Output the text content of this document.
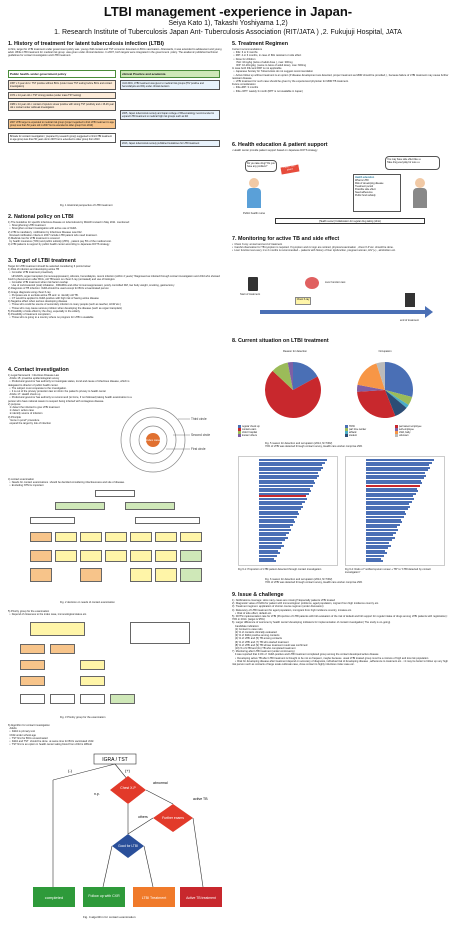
LTBI management -experience in Japan-
Seiya Kato 1), Takashi Yoshiyama 1,2)
1. Research Institute of Tuberculosis Japan Ant- Tuberculosis Association (RIT/JATA ) ,2. Fukujuji Hospital, JATA
1. History of treatment for latent tuberculosis infection (LTBI)
At first, target for LTBI treatment under government policy was  young child contact and TST converter detected on BCG vaccination. Afterwards, it was extended to adolescent and young adult. While LTBI treatment for medical risk group  was given under clinical decision. In 2007, both targets were integrated in the government  policy. The academic published technical guidelines for contact investigation and LTBI treatment.
Public health- under government policy
1957 ≤ 3 year old ≤: TST positive without BCG (under mass TST testing before BCG and contact investigation)
1974 ≤ 14 year old ≤: TST strong positive (under mass TST testing)
1989 ≤ 14 year old ≤: contact of sputum smear positive with strong TST positivity and ≤ 15-29 year old ≤ contact under outbreak investigation
2007 LTBI target is expanded to medical risk group (project regarded to limit LTBI treatment to age group less than 50 years old in 2007 but is extended to older group from 2010)
Bricade for contact investigation ( prepared by research group) suggested to limit LTBI treatment to age group less than 50 years old in 2007 but is extended to older group from 2010
clinical Practice and academia
Until 2001, LTBI treatment was given to medical risk groups (HIV positive and hemodialysis and RA) under clinical decision
2005, Japan tuberculosis society and Japan college of Rheumatology recommended to expand LTBI treatment to medical high risk groups such as RA
2013, Japan tuberculosis society published Guidelines for LTBI treatment
Fig. 1 Historical perspective of LTBI treatment
2. National policy on LTBI
1) The Guideline for specific infectious disease on tuberculosis by MHLW revised in May 2011  mentioned:
•  Strengthening LTBI treatment
•  Strengthen contact investigation with active use of IGRA
2) LTBI is mandatory  notification by Infectious Disease Law #12.
Revised notification criteria in 2007 include LTBI patient who need treatment.
3) Medical cost for LTBI treatment is covered
by health insurance (70%) and public subsidy (25%) , patient pay 5% of the medical cost.
4) LTBI patients is support by public health center according to Japanese DOTS strategy
3. Target of LTBI treatment
Target for LTBI treatment should be selected considering 6 points below:
1) Risk of infection and developing active TB
•  Consider LTBI treatment proactively
HIV/AIDS, organ transplant (immunosuppressant), silicosis, hemodialysis, recent infection (within 2 years) *diagnosed as infected through contact investigation and child who showed Koch's phenomenon after BCG, old TB lesion on chest X-ray (untreated) and use of biologics
•  Consider LTBI treatment when risk factor overlap
Use of corticosteroid (oral) inhalation , DMARDs and other immunosuppressant, poorly controlled DM, low body weight, smoking, gastrectomy
2) Diagnosis of TB infection: IGRA should be used except for BCG unvaccinated person
3) Image diagnosis using chest X-ray
•  Purposes are to exclude active TB and  to  identify old TB.
•  CT would be applied to IGRA positive with high risk of having active disease
4) Negative effect when serious developing disease
•  Those who could be source of secondary infection to many people (such as teacher, HCW etc.)
•  Those who may cause serious problem when developing the disease (such as organ transplant)
5) Possibility of side effect by the drug, especially in the elderly
6) Possibility of treatment completion
•  Those who is going to a country where no program for LTBI is available
4. Contact investigation
1) Legal framework : Infectious Disease Law
Article 15: proactive epidemiological survey
•  Prefectural governor has authority to investigate status, trend and cause of infectious disease, which is delegated to director of public health center.
•  The subject must cooperate to the investigation.
•  It is out of the privacy protection law to inform the patient's privacy to health center
Article 17: Health check up
•  Prefectural governor has authority to recommend (to force, if not followed) taking health examination to a person who have rational reason to suspect being infected with contagious disease.
2) purpose
① detect the infected to give LTBI treatment
② detect  active case
③ identify source of infection
3) Principle
"stone in pond" procedure
expand the target by risk of infection
Index case
Third circle
Second circle
First circle
4) contact examination
•  Needs for contact examinations  should be decided considering infectiousness and site of disease.
•  Excluding NTM is important
Fig. 2 decision on needs of contact examination
5) Priority group for the examination
•  Depend of closeness to the index case, immunological status etc.
Fig. 3 Priority group for the examination
6) Algorithm for contact investigation
Adults
•  IGRA is primary tool
Child under school age
•  TST first for BCG unvaccinated
•  IGRA and TST  should be done  at same time for BCG vaccinated child
•  TST first is an option in health center taking blood from child is difficult
IGRA / TST
(-)	(+)
Chest X-P
n.p.
abnormal
Further exams
others
active TB
Good for LTBI
completed	Follow up with CXR	LTBI Treatment	Active TB treatment
Fig. 4 algorithm for contact examination
5. Treatment Regimen
Current recommendations
•  INH: 6 or 9 months
•  RIP: 4 or 6 months, in case of INH resistant or side effect
•  Dose for children
INH: 10mg/kg (twice of adult dose ), max: 300mg
RIP: 10-20mg/kg  (same to twice of adult dose), max: 600mg
In case both INH and RFP is not applicable
•  Japanese Society for Tuberculosis do not suggest recommendation
•  Active follow up without treatment is an option (If disease development are detected, proper treatment as MDR should be provided.) , because failure of LTBI treatment may cause further resistant disease.
•  LTBI treatment for such case should be given by the experienced physician for MDR TB treatment.
Future consideration
•  INH+RIP: 3 months
•  INH+ RPT: weekly 3 month (RPT is not available in Japan)
6. Health education & patient support
• Health center provide patient support based on Japanese DOTS strategy
Do you take drug? Do you have any problem?	Client / Visit / phone
You may have side effect like •••
Take drug everyday for sure •••
Health education
What is LTBI
Risk of developing disease
Treatment period
Possible side effect
Need adherence
Public fund subsidy
Public health nurse
[Health center] Collaboration for regular drug taking (clinic)
7. Monitoring for active TB and side effect
•  Chest X-ray: at start and end of treatment
•  Careful observation for TB symptom is required. If symptom and /or sign are noticed, physical examination , chest X-P etc. should be done.
•  Liver function test every 1 to 2 months is recommended – patients with history of liver dysfunction, pregnant woman, HIV (+) , alcoholism etc.
Start of treatment
Liver function test
Chest X-ray
end of treatment
8. Current situation on LTBI treatment
Reason for detection	Occupation
regular check up
contact exam
clinic/ hospital
known/ others
HCW	permanent employee
part time worker	self-employee
athletic	child, baby
student	unknown
Fig. 5 reason for detection and occupation (2014, N=7362)
70% of LTBI was detected through contact survey, Health care worker comprise 29%
Fig 6-1: Proportion of LTBI patient detected through contact investigation	Fig 6-2: Ratio of "notified sputum smear + TB" to "LTBI detected by contact investigation"
Fig. 6 reason for detection and occupation (2014, N=7362)
70% of LTBI was detected through contact survey, Health care worker comprise 29%
9. Issue & challenge
1)  Notifications coverage: How many cases are missing? Especially patients LTBI treated
2)  Diagnostic value of IGRA for patient with immunological  problems, aged population, migrant from high incidence country etc.
3)  Treatment regimen: application of shorter course regimen (under discussion)
4)  Relevancy of LTBI treatment for aged population, immigrant from high incidence country, inmates etc.
•  Risk of side effect, default etc.
5)  DOTS implementation rate for LTBI (Proportion of LTBI patients with full evaluation of the risk of default and full support for regular intake of drugs among LTBI patients with registration) : 76% in 2014. (target is 95%)
6)  Larger difference of outcome by health center>developing indicators for implementation of contact investigation) The study is on-going)
Candidate indicators:
(1) Contact to case ratio
(2) % of contacts clinically evaluated
(3) % of IGRA positive among contacts
(4) % of LTBI and (5) TB among contacts
(6) % of LTBI and (7) TB who started treatment
(8) % of LTBI and (9) TB whose treatment result was confirmed
(10) % of LTBI and (11) TB who completed treatment
7)  Monitoring after LTBI treatment (under controversy)
It was reported that 3.4% of  IGRA positive and LTBI treatment completed group among the contact developed active disease
•  Developing active TB after LTBI treatment is thought to be not so frequent, maybe because  usual LTBI treated group must be a mixture of high and low risk population
•  Risk for developing disease after treatment depend on accuracy of diagnosis, individual risk of developing disease , adherence to treatment etc. ->it may be better to follow up very high risk person such as contacts of large scale outbreak case, close contact to highly infectious index case etc.
